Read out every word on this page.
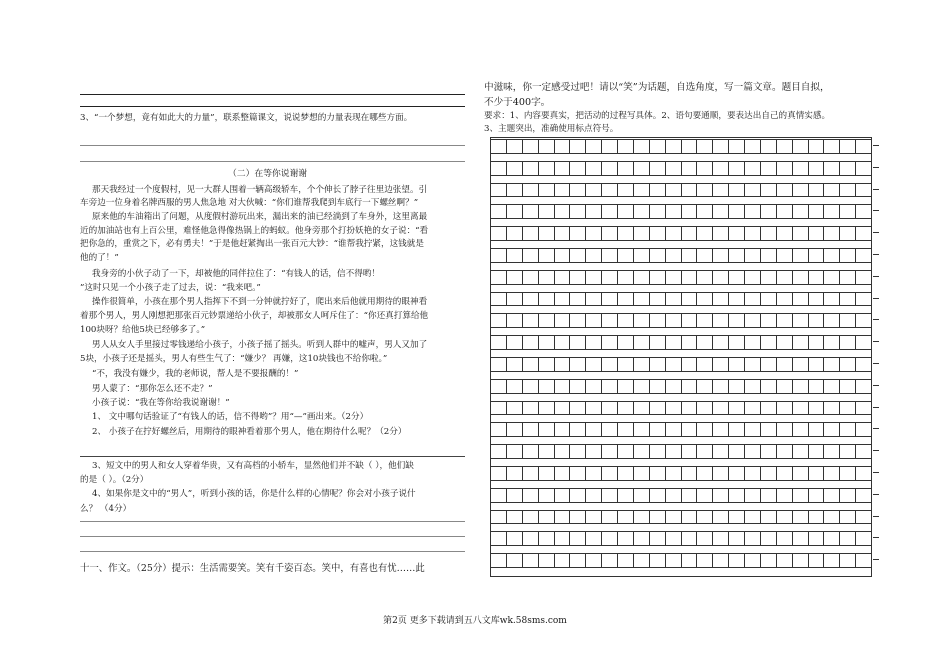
3、“一个梦想，竟有如此大的力量”，联系整篇课文，说说梦想的力量表现在哪些方面。
（二）在等你说谢谢
那天我经过一个度假村，见一大群人围着一辆高级轿车，个个伸长了脖子往里边张望。引
车旁边一位身着名牌西服的男人焦急地 对大伙喊：“你们谁帮我爬到车底行一下螺丝啊？”
原来他的车油箱出了问题，从度假村游玩出来，漏出来的油已经淌到了车身外，这里离最
近的加油站也有上百公里，难怪他急得像热锅上的蚂蚁。他身旁那个打扮妖艳的女子说：“看
把你急的，重赏之下，必有勇夫！”于是他赶紧掏出一张百元大钞：“谁帮我拧紧，这钱就是
他的了！”
我身旁的小伙子动了一下，却被他的同伴拉住了：“有钱人的话，信不得哟！
”这时只见一个小孩子走了过去，说：“我来吧。”
操作很简单，小孩在那个男人指挥下不到一分钟就拧好了，爬出来后他就用期待的眼神看
着那个男人，男人刚想把那张百元钞票递给小伙子，却被那女人呵斥住了：“你还真打算给他
100块呀？给他5块已经够多了。”
男人从女人手里接过零钱递给小孩子，小孩子摇了摇头。听到人群中的嘘声，男人又加了
5块，小孩子还是摇头，男人有些生气了：“嫌少？ 再嫌，这10块钱也不给你啦。”
“不，我没有嫌少，我的老师说，帮人是不要报酬的！”
男人蒙了：“那你怎么还不走？”
小孩子说：“我在等你给我说谢谢！”
1、 文中哪句话验证了“有钱人的话，信不得哟”？用“—”画出来。（2分）
2、 小孩子在拧好螺丝后，用期待的眼神看着那个男人，他在期待什么呢？（2分）
3、短文中的男人和女人穿着华贵，又有高档的小轿车，显然他们并不缺（ ），他们缺
的是（ ）。（2分）
4、如果你是文中的“男人”，听到小孩的话，你是什么样的心情呢？你会对小孩子说什
么？ （4分）
十一、作文。（25分）提示：生活需要笑。笑有千姿百态。笑中，有喜也有忧……此
中滋味，你一定感受过吧！请以“笑”为话题，自选角度，写一篇文章。题目自拟，
不少于400字。
要求：1、内容要真实，把活动的过程写具体。2、语句要通顺，要表达出自己的真情实感。
3、主题突出，准确使用标点符号。
第2页 更多下载请到五八文库wk.58sms.com
